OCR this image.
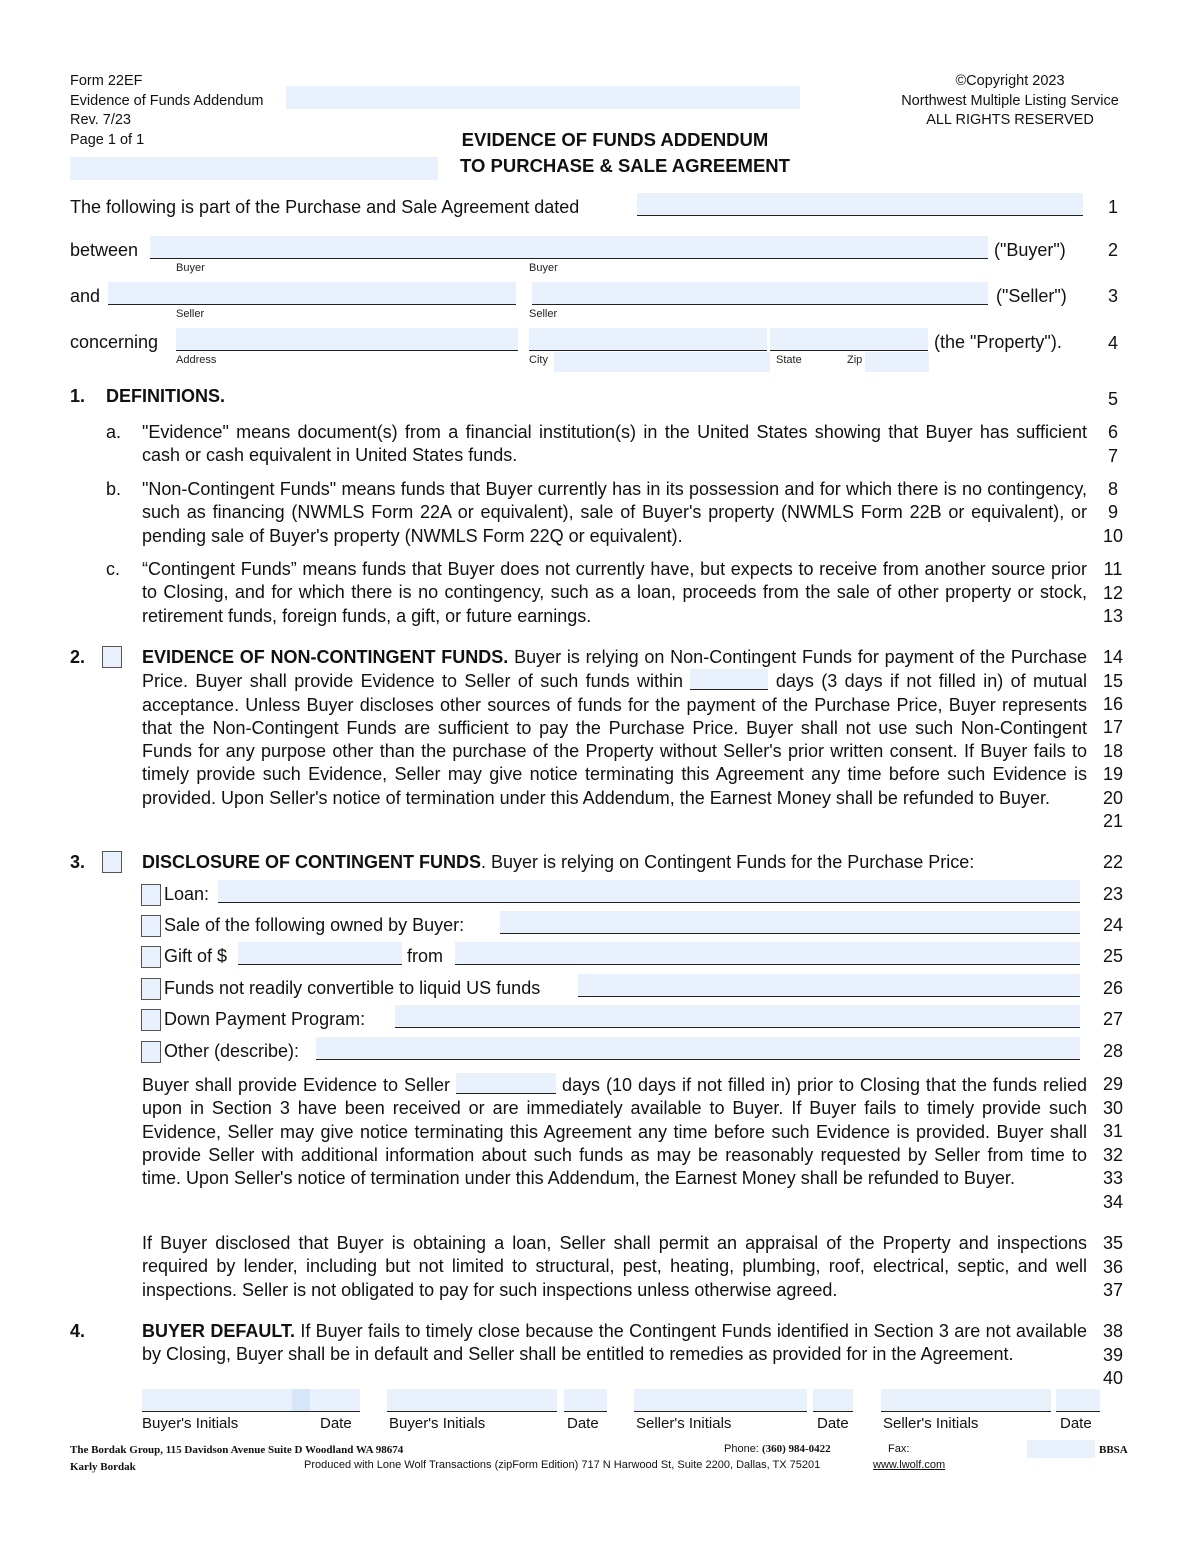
Form 22EF
Evidence of Funds Addendum
Rev. 7/23
Page 1 of 1
©Copyright 2023
Northwest Multiple Listing Service
ALL RIGHTS RESERVED
EVIDENCE OF FUNDS ADDENDUM
TO PURCHASE & SALE AGREEMENT
1
2
3
4
5
6
7
8
9
10
11
12
13
14
15
16
17
18
19
20
21
22
23
24
25
26
27
28
29
30
31
32
33
34
35
36
37
38
39
40
The following is part of the Purchase and Sale Agreement dated
between	("Buyer")
Buyer	Buyer
and	("Seller")
Seller	Seller
concerning	(the "Property").
Address	City	State	Zip
1. DEFINITIONS.
a. "Evidence" means document(s) from a financial institution(s) in the United States showing that Buyer has sufficient cash or cash equivalent in United States funds.
b. "Non-Contingent Funds" means funds that Buyer currently has in its possession and for which there is no contingency, such as financing (NWMLS Form 22A or equivalent), sale of Buyer's property (NWMLS Form 22B or equivalent), or pending sale of Buyer's property (NWMLS Form 22Q or equivalent).
c. “Contingent Funds” means funds that Buyer does not currently have, but expects to receive from another source prior to Closing, and for which there is no contingency, such as a loan, proceeds from the sale of other property or stock, retirement funds, foreign funds, a gift, or future earnings.
2.	EVIDENCE OF NON-CONTINGENT FUNDS. Buyer is relying on Non-Contingent Funds for payment of the Purchase Price. Buyer shall provide Evidence to Seller of such funds within	days (3 days if not filled in) of mutual acceptance. Unless Buyer discloses other sources of funds for the payment of the Purchase Price, Buyer represents that the Non-Contingent Funds are sufficient to pay the Purchase Price. Buyer shall not use such Non-Contingent Funds for any purpose other than the purchase of the Property without Seller's prior written consent. If Buyer fails to timely provide such Evidence, Seller may give notice terminating this Agreement any time before such Evidence is provided. Upon Seller's notice of termination under this Addendum, the Earnest Money shall be refunded to Buyer.
3.	DISCLOSURE OF CONTINGENT FUNDS. Buyer is relying on Contingent Funds for the Purchase Price:
Loan:
Sale of the following owned by Buyer:
Gift of $	from
Funds not readily convertible to liquid US funds
Down Payment Program:
Other (describe):
Buyer shall provide Evidence to Seller	days (10 days if not filled in) prior to Closing that the funds relied upon in Section 3 have been received or are immediately available to Buyer. If Buyer fails to timely provide such Evidence, Seller may give notice terminating this Agreement any time before such Evidence is provided. Buyer shall provide Seller with additional information about such funds as may be reasonably requested by Seller from time to time. Upon Seller's notice of termination under this Addendum, the Earnest Money shall be refunded to Buyer.
If Buyer disclosed that Buyer is obtaining a loan, Seller shall permit an appraisal of the Property and inspections required by lender, including but not limited to structural, pest, heating, plumbing, roof, electrical, septic, and well inspections. Seller is not obligated to pay for such inspections unless otherwise agreed.
4.	BUYER DEFAULT. If Buyer fails to timely close because the Contingent Funds identified in Section 3 are not available by Closing, Buyer shall be in default and Seller shall be entitled to remedies as provided for in the Agreement.
Buyer's Initials	Date Buyer's Initials	Date Seller's Initials	Date Seller's Initials	Date
The Bordak Group, 115 Davidson Avenue Suite D Woodland WA 98674
Karly Bordak
Phone: (360) 984-0422	Fax:	BBSA
Produced with Lone Wolf Transactions (zipForm Edition) 717 N Harwood St, Suite 2200, Dallas, TX 75201	www.lwolf.com
